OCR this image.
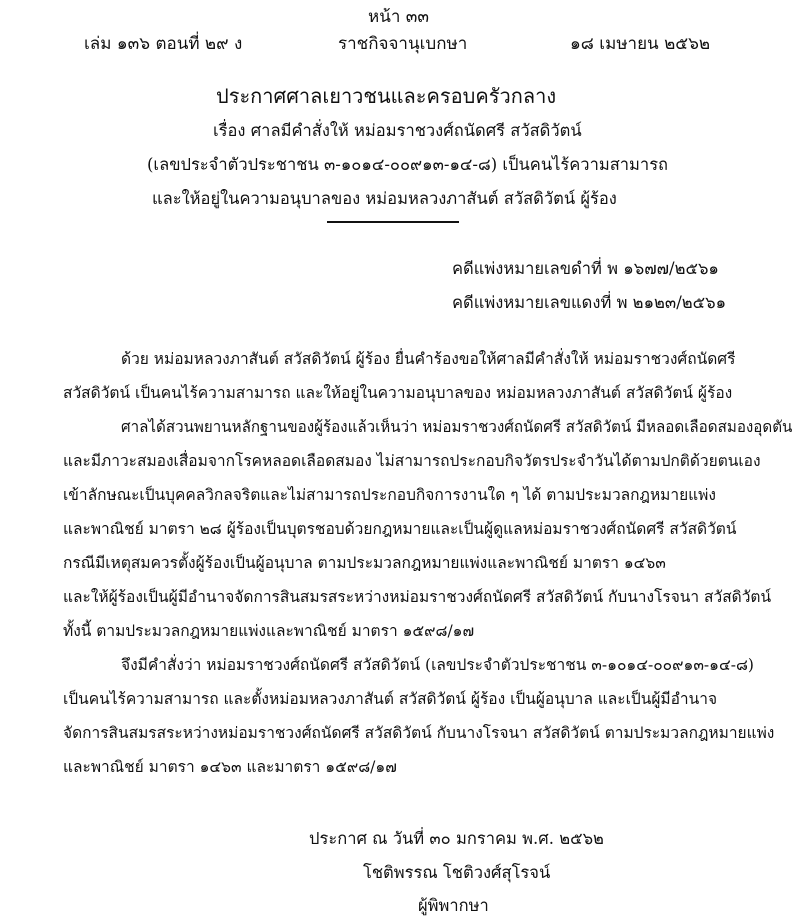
หน้า ๓๓
เล่ม ๑๓๖ ตอนที่ ๒๙ ง	ราชกิจจานุเบกษา	๑๘ เมษายน ๒๕๖๒
ประกาศศาลเยาวชนและครอบครัวกลาง
เรื่อง ศาลมีคำสั่งให้ หม่อมราชวงศ์ถนัดศรี สวัสดิวัตน์
(เลขประจำตัวประชาชน ๓-๑๐๑๔-๐๐๙๑๓-๑๔-๘) เป็นคนไร้ความสามารถ
และให้อยู่ในความอนุบาลของ หม่อมหลวงภาสันต์ สวัสดิวัตน์ ผู้ร้อง
คดีแพ่งหมายเลขดำที่ พ ๑๖๗๗/๒๕๖๑
คดีแพ่งหมายเลขแดงที่ พ ๒๑๒๓/๒๕๖๑
ด้วย หม่อมหลวงภาสันต์ สวัสดิวัตน์ ผู้ร้อง ยื่นคำร้องขอให้ศาลมีคำสั่งให้ หม่อมราชวงศ์ถนัดศรี
สวัสดิวัตน์ เป็นคนไร้ความสามารถ และให้อยู่ในความอนุบาลของ หม่อมหลวงภาสันต์ สวัสดิวัตน์ ผู้ร้อง
ศาลได้สวนพยานหลักฐานของผู้ร้องแล้วเห็นว่า หม่อมราชวงศ์ถนัดศรี สวัสดิวัตน์ มีหลอดเลือดสมองอุดตัน
และมีภาวะสมองเสื่อมจากโรคหลอดเลือดสมอง ไม่สามารถประกอบกิจวัตรประจำวันได้ตามปกติด้วยตนเอง
เข้าลักษณะเป็นบุคคลวิกลจริตและไม่สามารถประกอบกิจการงานใด ๆ ได้ ตามประมวลกฎหมายแพ่ง
และพาณิชย์ มาตรา ๒๘ ผู้ร้องเป็นบุตรชอบด้วยกฎหมายและเป็นผู้ดูแลหม่อมราชวงศ์ถนัดศรี สวัสดิวัตน์
กรณีมีเหตุสมควรตั้งผู้ร้องเป็นผู้อนุบาล ตามประมวลกฎหมายแพ่งและพาณิชย์ มาตรา ๑๔๖๓
และให้ผู้ร้องเป็นผู้มีอำนาจจัดการสินสมรสระหว่างหม่อมราชวงศ์ถนัดศรี สวัสดิวัตน์ กับนางโรจนา สวัสดิวัตน์
ทั้งนี้ ตามประมวลกฎหมายแพ่งและพาณิชย์ มาตรา ๑๕๙๘/๑๗
จึงมีคำสั่งว่า หม่อมราชวงศ์ถนัดศรี สวัสดิวัตน์ (เลขประจำตัวประชาชน ๓-๑๐๑๔-๐๐๙๑๓-๑๔-๘)
เป็นคนไร้ความสามารถ และตั้งหม่อมหลวงภาสันต์ สวัสดิวัตน์ ผู้ร้อง เป็นผู้อนุบาล และเป็นผู้มีอำนาจ
จัดการสินสมรสระหว่างหม่อมราชวงศ์ถนัดศรี สวัสดิวัตน์ กับนางโรจนา สวัสดิวัตน์ ตามประมวลกฎหมายแพ่ง
และพาณิชย์ มาตรา ๑๔๖๓ และมาตรา ๑๕๙๘/๑๗
ประกาศ ณ วันที่ ๓๐ มกราคม พ.ศ. ๒๕๖๒
โชติพรรณ โชติวงศ์สุโรจน์
ผู้พิพากษา
